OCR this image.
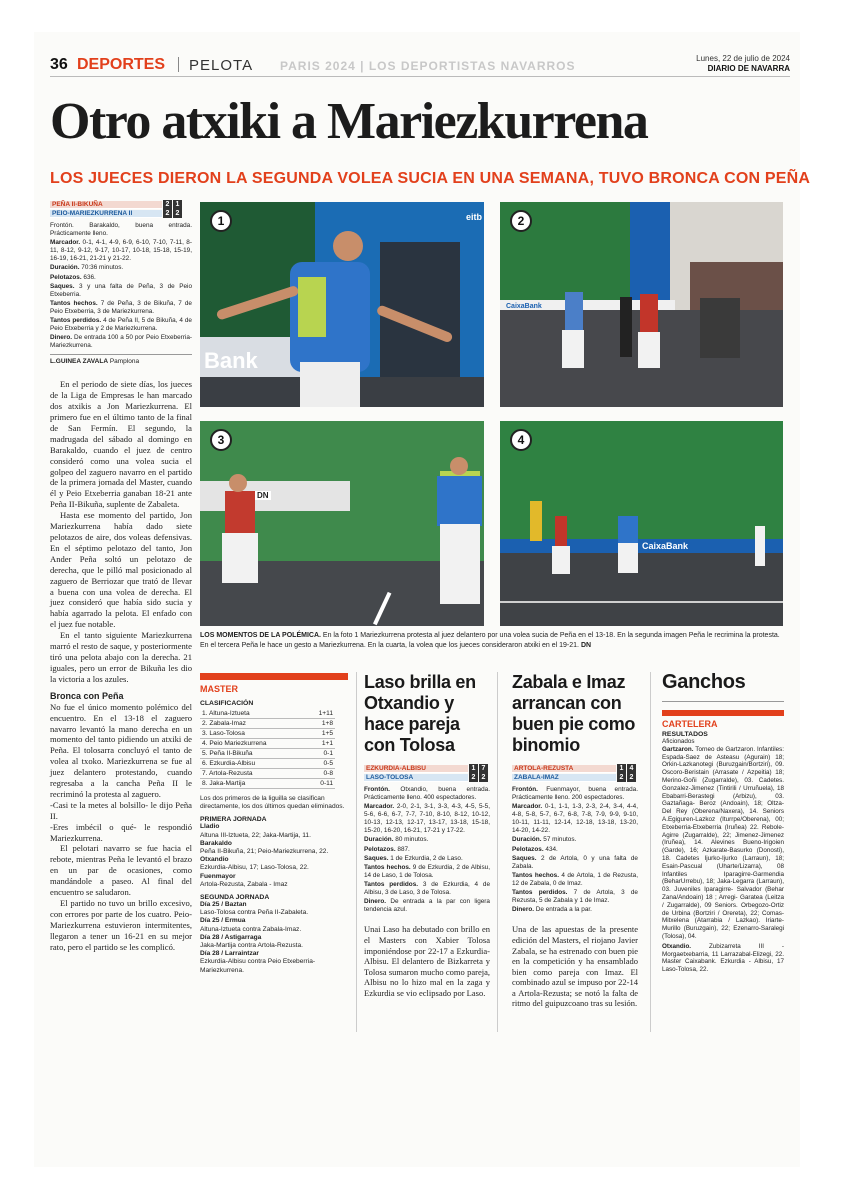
36 DEPORTES PELOTA PARIS 2024 | LOS DEPORTISTAS NAVARROS
Lunes, 22 de julio de 2024
DIARIO DE NAVARRA
Otro atxiki a Mariezkurrena
LOS JUECES DIERON LA SEGUNDA VOLEA SUCIA EN UNA SEMANA, TUVO BRONCA CON PEÑA
PEÑA II-BIKUÑA	2 1
PEIO-MARIEZKURRENA II	2 2

Frontón. Barakaldo, buena entrada. Prácticamente lleno.

Marcador. 0-1, 4-1, 4-9, 6-9, 6-10, 7-10, 7-11, 8-11, 8-12, 9-12, 9-17, 10-17, 10-18, 15-18, 15-19, 16-19, 16-21, 21-21 y 21-22.

Duración. 70:36 minutos.

Pelotazos. 636.

Saques. 3 y una falta de Peña, 3 de Peio Etxeberria.

Tantos hechos. 7 de Peña, 3 de Bikuña, 7 de Peio Etxeberria, 3 de Mariezkurrena.

Tantos perdidos. 4 de Peña II, 5 de Bikuña, 4 de Peio Etxeberria y 2 de Mariezkurrena.

Dinero. De entrada 100 a 50 por Peio Etxeberria-Mariezkurrena.

L.GUINEA ZAVALA Pamplona

En el periodo de siete días, los jueces de la Liga de Empresas le han marcado dos atxikis a Jon Mariezkurrena. El primero fue en el último tanto de la final de San Fermín. El segundo, la madrugada del sábado al domingo en Barakaldo, cuando el juez de centro consideró como una volea sucia el golpeo del zaguero navarro en el partido de la primera jornada del Master, cuando él y Peio Etxeberria ganaban 18-21 ante Peña II-Bikuña, suplente de Zabaleta.

Hasta ese momento del partido, Jon Mariezkurrena había dado siete pelotazos de aire, dos voleas defensivas. En el séptimo pelotazo del tanto, Jon Ander Peña soltó un pelotazo de derecha, que le pilló mal posicionado al zaguero de Berriozar que trató de llevar a buena con una volea de derecha. El juez consideró que había sido sucia y había agarrado la pelota. El enfado con el juez fue notable.

En el tanto siguiente Mariezkurrena marró el resto de saque, y posteriormente tiró una pelota abajo con la derecha. 21 iguales, pero un error de Bikuña les dio la victoria a los azules.

Bronca con Peña

No fue el único momento polémico del encuentro. En el 13-18 el zaguero navarro levantó la mano derecha en un momento del tanto pidiendo un atxiki de Peña. El tolosarra concluyó el tanto de volea al txoko. Mariezkurrena se fue al juez delantero protestando, cuando regresaba a la cancha Peña II le recriminó la protesta al zaguero.

-Casi te la metes al bolsillo- le dijo Peña II.

-Eres imbécil o qué- le respondió Mariezkurrena.

El pelotari navarro se fue hacia el rebote, mientras Peña le levantó el brazo en un par de ocasiones, como mandándole a paseo. Al final del encuentro se saludaron.

El partido no tuvo un brillo excesivo, con errores por parte de los cuatro. Peio-Mariezkurrena estuvieron intermitentes, llegaron a tener un 16-21 en su mejor rato, pero el partido se les complicó.

Bank
eitb
1
CaixaBank
2
DN
3
CaixaBank
4
LOS MOMENTOS DE LA POLÉMICA. En la foto 1 Mariezkurrena protesta al juez delantero por una volea sucia de Peña en el 13-18. En la segunda imagen Peña le recrimina la protesta. En el tercera Peña le hace un gesto a Mariezkurrena. En la cuarta, la volea que los jueces consideraron atxiki en el 19-21. DN
MASTER
CLASIFICACIÓN
1. Altuna-Iztueta	1+11
2. Zabala-Imaz	1+8
3. Laso-Tolosa	1+5
4. Peio Mariezkurrena	1+1
5. Peña II-Bikuña	0-1
6. Ezkurdia-Albisu	0-5
7. Artola-Rezusta	0-8
8. Jaka-Martija	0-11
Los dos primeros de la liguilla se clasifican directamente, los dos últimos quedan eliminados.
PRIMERA JORNADA
Lladio
Altuna III-Iztueta, 22; Jaka-Martija, 11.
Barakaldo
Peña II-Bikuña, 21; Peio-Mariezkurrena, 22.
Otxandio
Ezkurdia-Albisu, 17; Laso-Tolosa, 22.
Fuenmayor
Artola-Rezusta, Zabala - Imaz
SEGUNDA JORNADA
Día 25 / Baztan
Laso-Tolosa contra Peña II-Zabaleta.
Día 25 / Ermua
Altuna-Iztueta contra Zabala-Imaz.
Día 28 / Astigarraga
Jaka-Martija contra Artola-Rezusta.
Día 28 / Larraintzar
Ezkurdia-Albisu contra Peio Etxeberria-Mariezkurrena.
Laso brilla en Otxandio y hace pareja con Tolosa
EZKURDIA-ALBISU	1 7
LASO-TOLOSA	2 2

Frontón. Otxandio, buena entrada. Prácticamente lleno. 400 espectadores.

Marcador. 2-0, 2-1, 3-1, 3-3, 4-3, 4-5, 5-5, 5-6, 6-6, 6-7, 7-7, 7-10, 8-10, 8-12, 10-12, 10-13, 12-13, 12-17, 13-17, 13-18, 15-18, 15-20, 16-20, 16-21, 17-21 y 17-22.

Duración. 80 minutos.

Pelotazos. 887.

Saques. 1 de Ezkurdia, 2 de Laso.

Tantos hechos. 9 de Ezkurdia, 2 de Albisu, 14 de Laso, 1 de Tolosa.

Tantos perdidos. 3 de Ezkurdia, 4 de Albisu, 3 de Laso, 3 de Tolosa.

Dinero. De entrada a la par con ligera tendencia azul.

Unai Laso ha debutado con brillo en el Masters con Xabier Tolosa imponiéndose por 22-17 a Ezkurdia-Albisu. El delantero de Bizkarreta y Tolosa sumaron mucho como pareja, Albisu no lo hizo mal en la zaga y Ezkurdia se vio eclipsado por Laso.

Zabala e Imaz arrancan con buen pie como binomio
ARTOLA-REZUSTA	1 4
ZABALA-IMAZ	2 2

Frontón. Fuenmayor, buena entrada. Prácticamente lleno. 200 espectadores.

Marcador. 0-1, 1-1, 1-3, 2-3, 2-4, 3-4, 4-4, 4-8, 5-8, 5-7, 6-7, 6-8, 7-8, 7-9, 9-9, 9-10, 10-11, 11-11, 12-14, 12-18, 13-18, 13-20, 14-20, 14-22.

Duración. 57 minutos.

Pelotazos. 434.

Saques. 2 de Artola, 0 y una falta de Zabala.

Tantos hechos. 4 de Artola, 1 de Rezusta, 12 de Zabala, 0 de Imaz.

Tantos perdidos. 7 de Artola, 3 de Rezusta, 5 de Zabala y 1 de Imaz.

Dinero. De entrada a la par.

Una de las apuestas de la presente edición del Masters, el riojano Javier Zabala, se ha estrenado con buen pie en la competición y ha ensamblado bien como pareja con Imaz. El combinado azul se impuso por 22-14 a Artola-Rezusta; se notó la falta de ritmo del guipuzcoano tras su lesión.

Ganchos
CARTELERA
RESULTADOS
Aficionados

Gartzaron. Torneo de Gartzaron. Infantiles: Espada-Saez de Asteasu (Agurain) 18; Orkin-Lazkanotegi (Buruzgain/Bortziri), 09. Oscoro-Beristain (Arrasate / Azpeitia) 18; Merino-Goñi (Zugarralde), 03. Cadetes. Gonzalez-Jimenez (Tintirili / Urruñuela), 18 Ebabarri-Berastegi (Arbizu), 03. Gaztañaga- Beroz (Andoain), 18; Oltza- Del Rey (Oberena/Naxera), 14. Seniors A.Egiguren-Lazkoz (Iturrpe/Oberena), 00; Etxeberria-Etxeberria (Iruñea) 22. Rebole-Agirre (Zugarralde), 22; Jimenez-Jimenez (Iruñea), 14. Alevines Bueno-Irigoien (Garde), 16; Azkarate-Basurko (Donosti), 18. Cadetes Ijurko-Ijurko (Larraun), 18; Esain-Pascual (Uharte/Lizarra), 08 Infantiles Iparagirre-Garmendia (BeharUrrebu), 18; Jaka-Legarra (Larraun), 03. Juveniles Iparagirre- Salvador (Behar Zana/Andoain) 18 ; Arregi- Garatea (Leitza / Zugarralde), 09 Seniors. Orbegozo-Ortiz de Urbina (Bortziri / Orereta), 22; Comas-Mitxelena (Atarrabia / Lazkao). Iriarte- Murillo (Buruzgain), 22; Ezenarro-Saralegi (Tolosa), 04.

Otxandio. Zubizarreta III - Morgaetxebarria, 11 Larrazabal-Elizegi, 22. Master Caixabank. Ezkurdia - Albisu, 17 Laso-Tolosa, 22.
